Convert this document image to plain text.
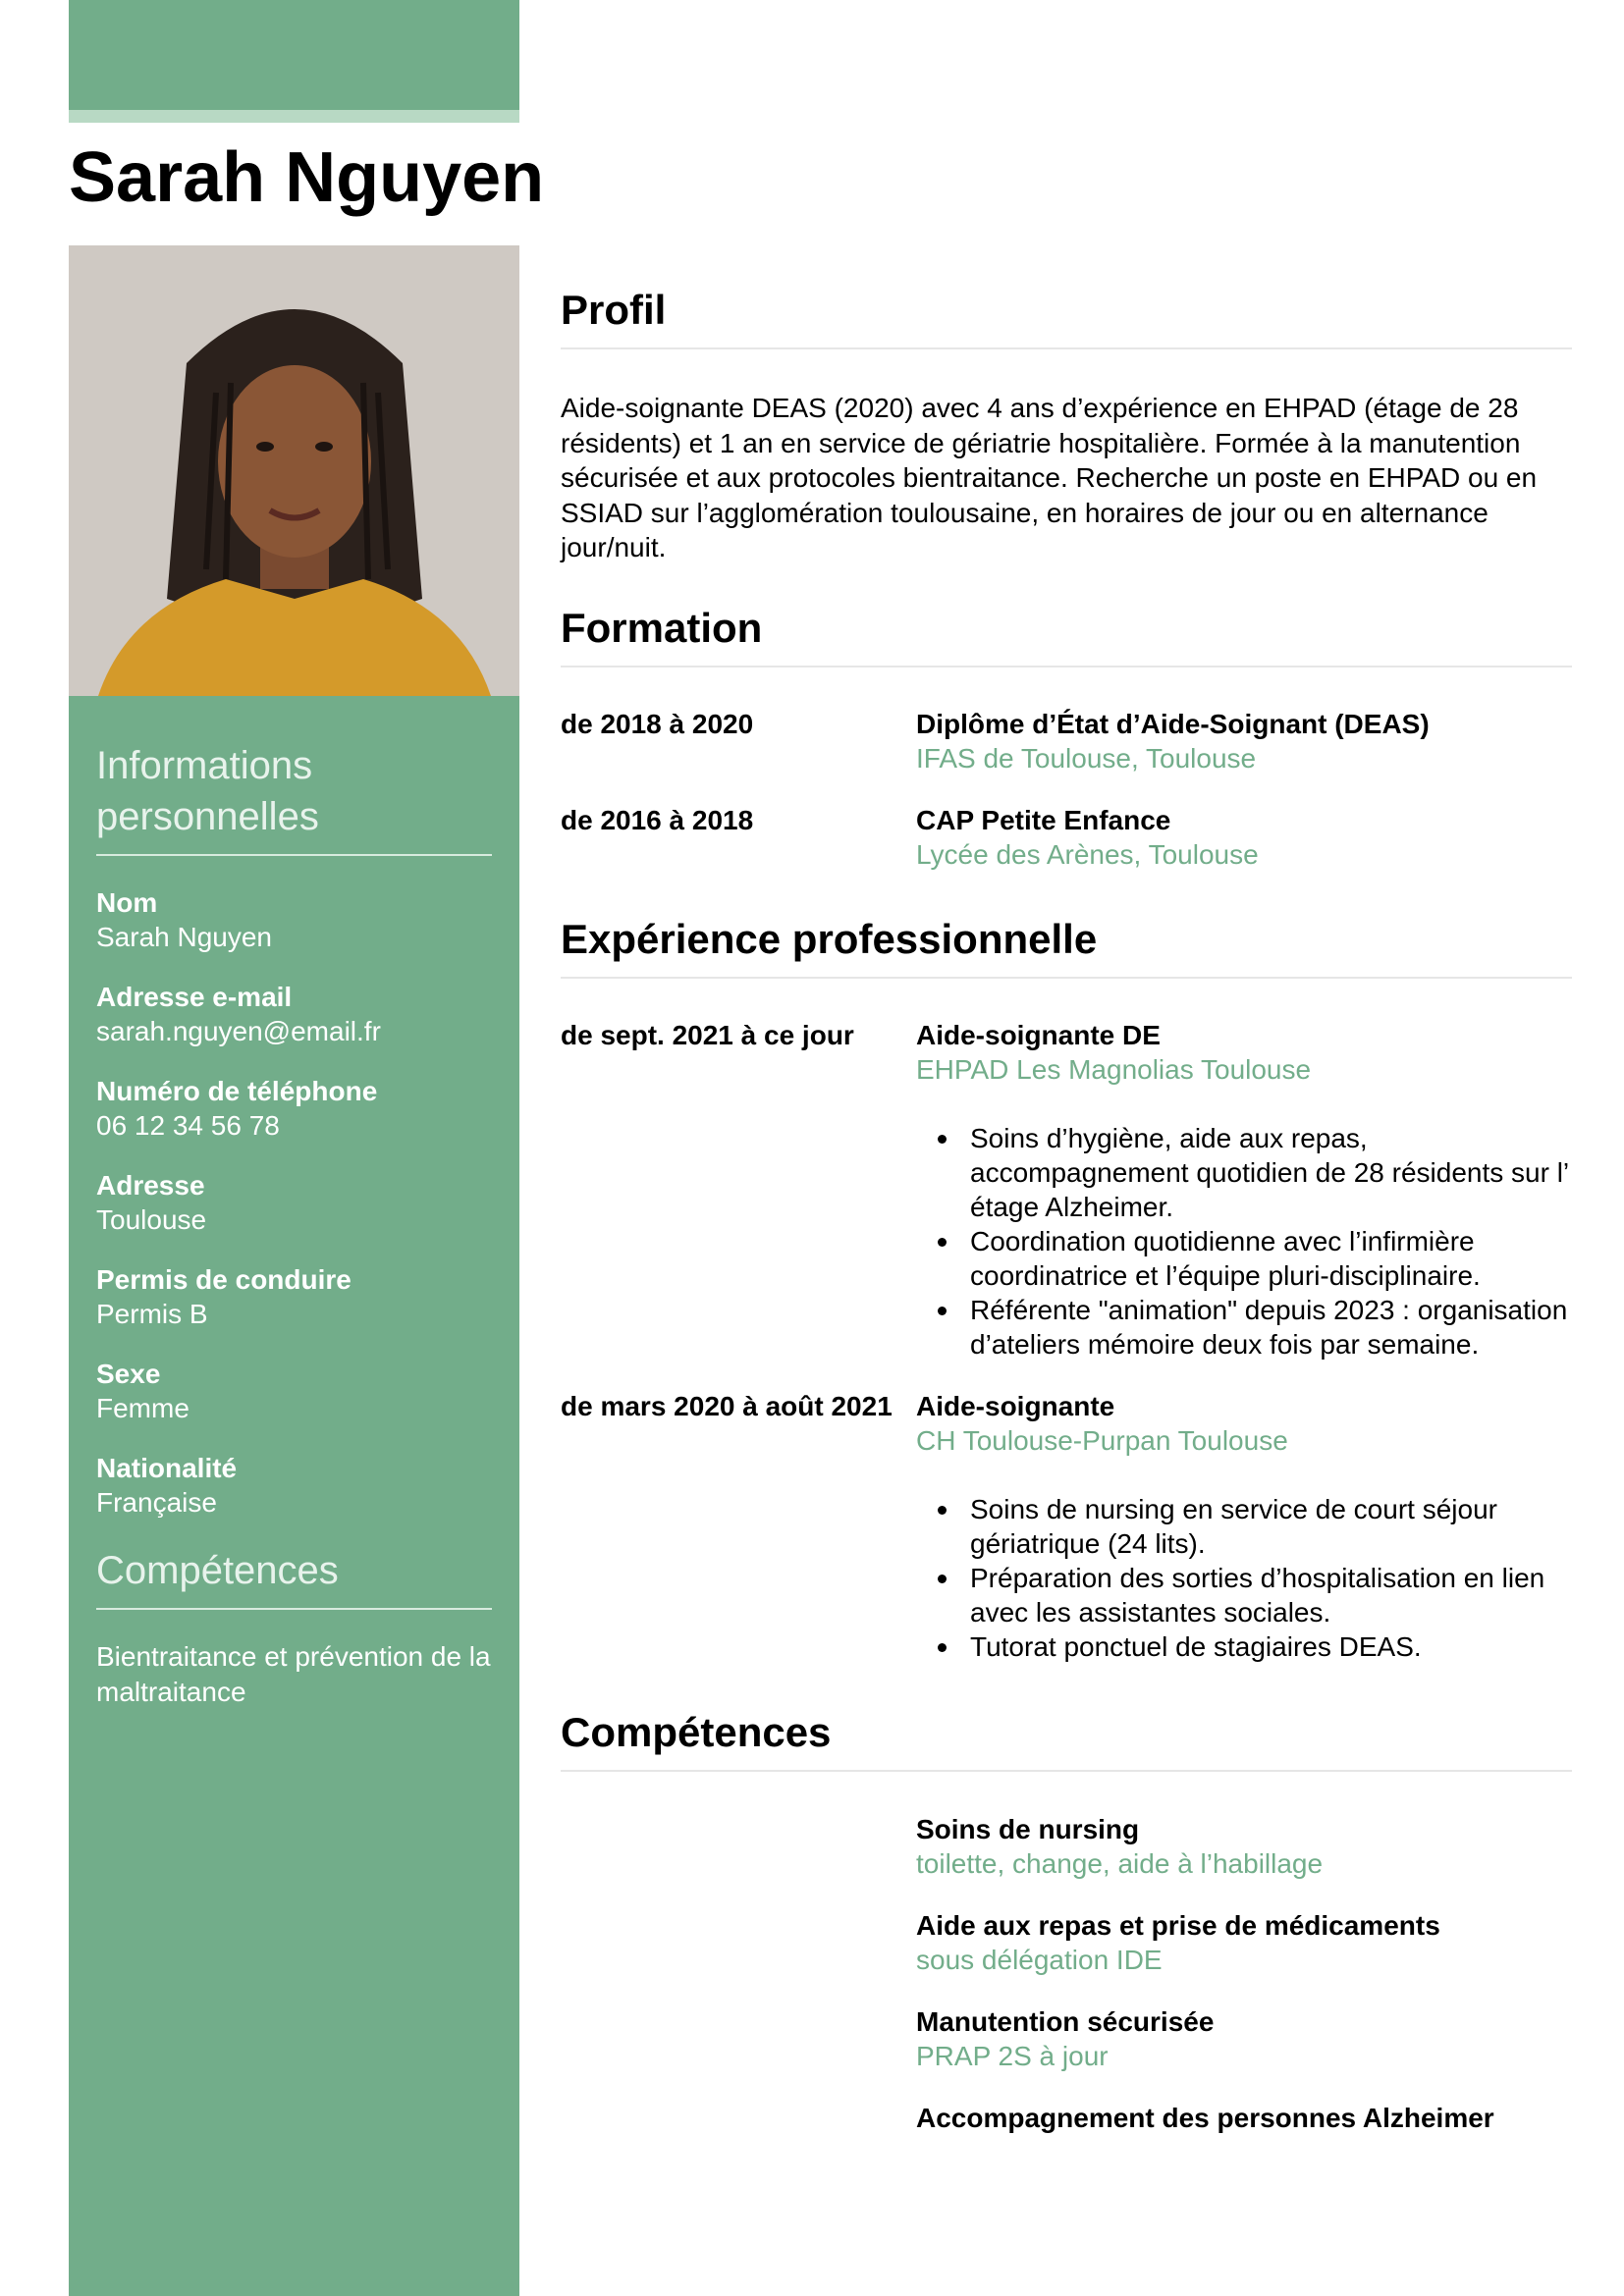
Sarah Nguyen
Informations personnelles
Nom
Sarah Nguyen
Adresse e-mail
sarah.nguyen@email.fr
Numéro de téléphone
06 12 34 56 78
Adresse
Toulouse
Permis de conduire
Permis B
Sexe
Femme
Nationalité
Française
Compétences
Bientraitance et prévention de la maltraitance
Profil
Aide-soignante DEAS (2020) avec 4 ans d’expérience en EHPAD (étage de 28 résidents) et 1 an en service de gériatrie hospitalière. Formée à la manutention sécurisée et aux protocoles bientraitance. Recherche un poste en EHPAD ou en SSIAD sur l’agglomération toulousaine, en horaires de jour ou en alternance jour/nuit.
Formation
de 2018 à 2020	Diplôme d’État d’Aide-Soignant (DEAS)
IFAS de Toulouse, Toulouse
de 2016 à 2018	CAP Petite Enfance
Lycée des Arènes, Toulouse
Expérience professionnelle
de sept. 2021 à ce jour Aide-soignante DE
EHPAD Les Magnolias Toulouse
Soins d’hygiène, aide aux repas, accompagnement quotidien de 28 résidents sur l’ étage Alzheimer.
Coordination quotidienne avec l’infirmière coordinatrice et l’équipe pluri-disciplinaire.
Référente "animation" depuis 2023 : organisation d’ateliers mémoire deux fois par semaine.
de mars 2020 à août 2021 Aide-soignante
CH Toulouse-Purpan Toulouse
Soins de nursing en service de court séjour gériatrique (24 lits).
Préparation des sorties d’hospitalisation en lien avec les assistantes sociales.
Tutorat ponctuel de stagiaires DEAS.
Compétences
Soins de nursing
toilette, change, aide à l’habillage
Aide aux repas et prise de médicaments
sous délégation IDE
Manutention sécurisée
PRAP 2S à jour
Accompagnement des personnes Alzheimer
